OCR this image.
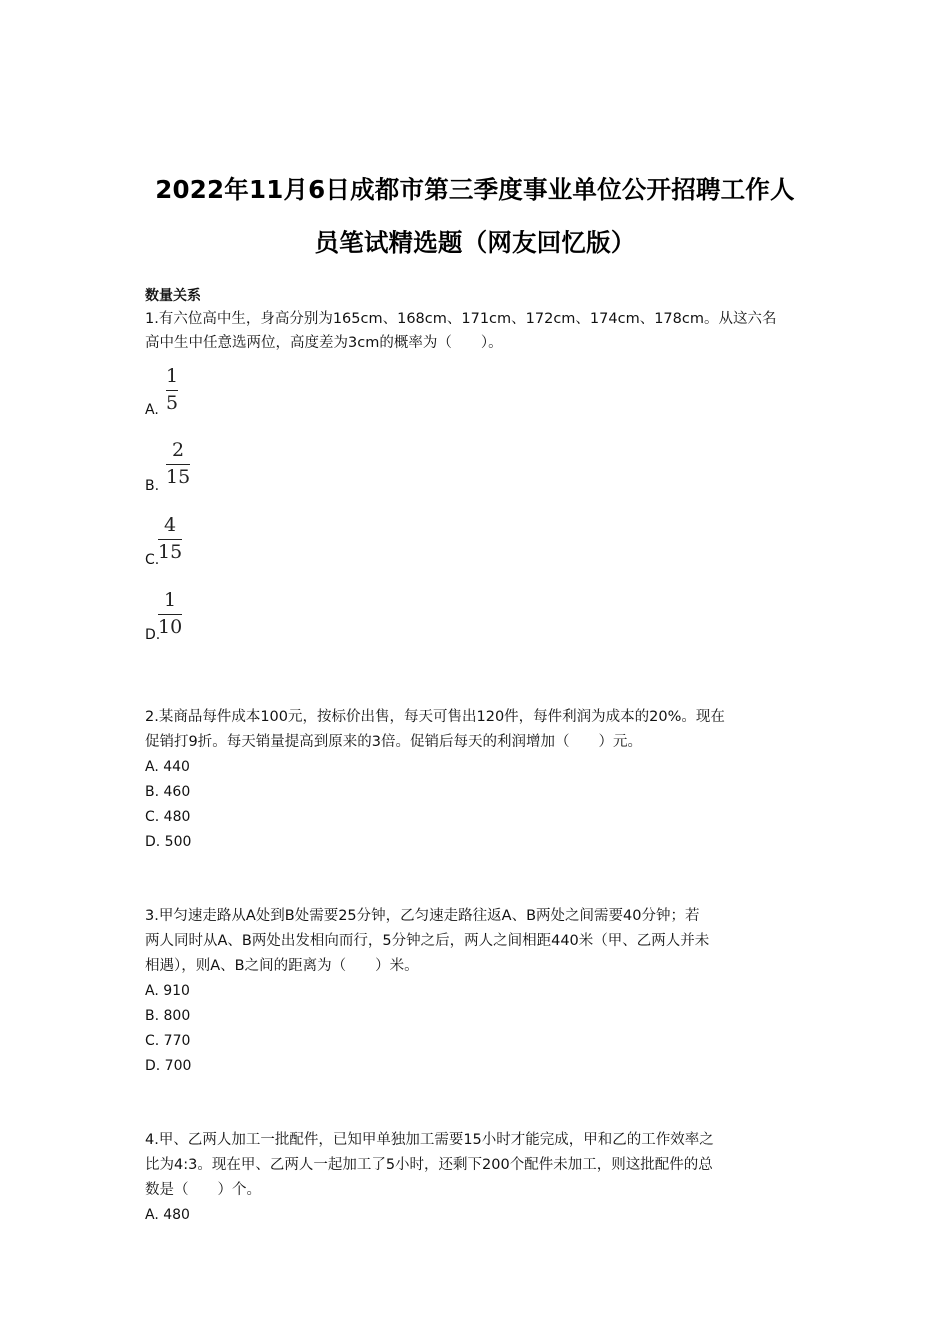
2022年11月6日成都市第三季度事业单位公开招聘工作人
员笔试精选题（网友回忆版）
数量关系
1.有六位高中生，身高分别为165cm、168cm、171cm、172cm、174cm、178cm。从这六名
高中生中任意选两位，高度差为3cm的概率为（　　）。
A.
1
5
B.
2
15
C.
4
15
D.
1
10
2.某商品每件成本100元，按标价出售，每天可售出120件，每件利润为成本的20%。现在
促销打9折。每天销量提高到原来的3倍。促销后每天的利润增加（　　）元。
A. 440
B. 460
C. 480
D. 500
3.甲匀速走路从A处到B处需要25分钟，乙匀速走路往返A、B两处之间需要40分钟；若
两人同时从A、B两处出发相向而行，5分钟之后，两人之间相距440米（甲、乙两人并未
相遇），则A、B之间的距离为（　　）米。
A. 910
B. 800
C. 770
D. 700
4.甲、乙两人加工一批配件，已知甲单独加工需要15小时才能完成，甲和乙的工作效率之
比为4:3。现在甲、乙两人一起加工了5小时，还剩下200个配件未加工，则这批配件的总
数是（　　）个。
A. 480
